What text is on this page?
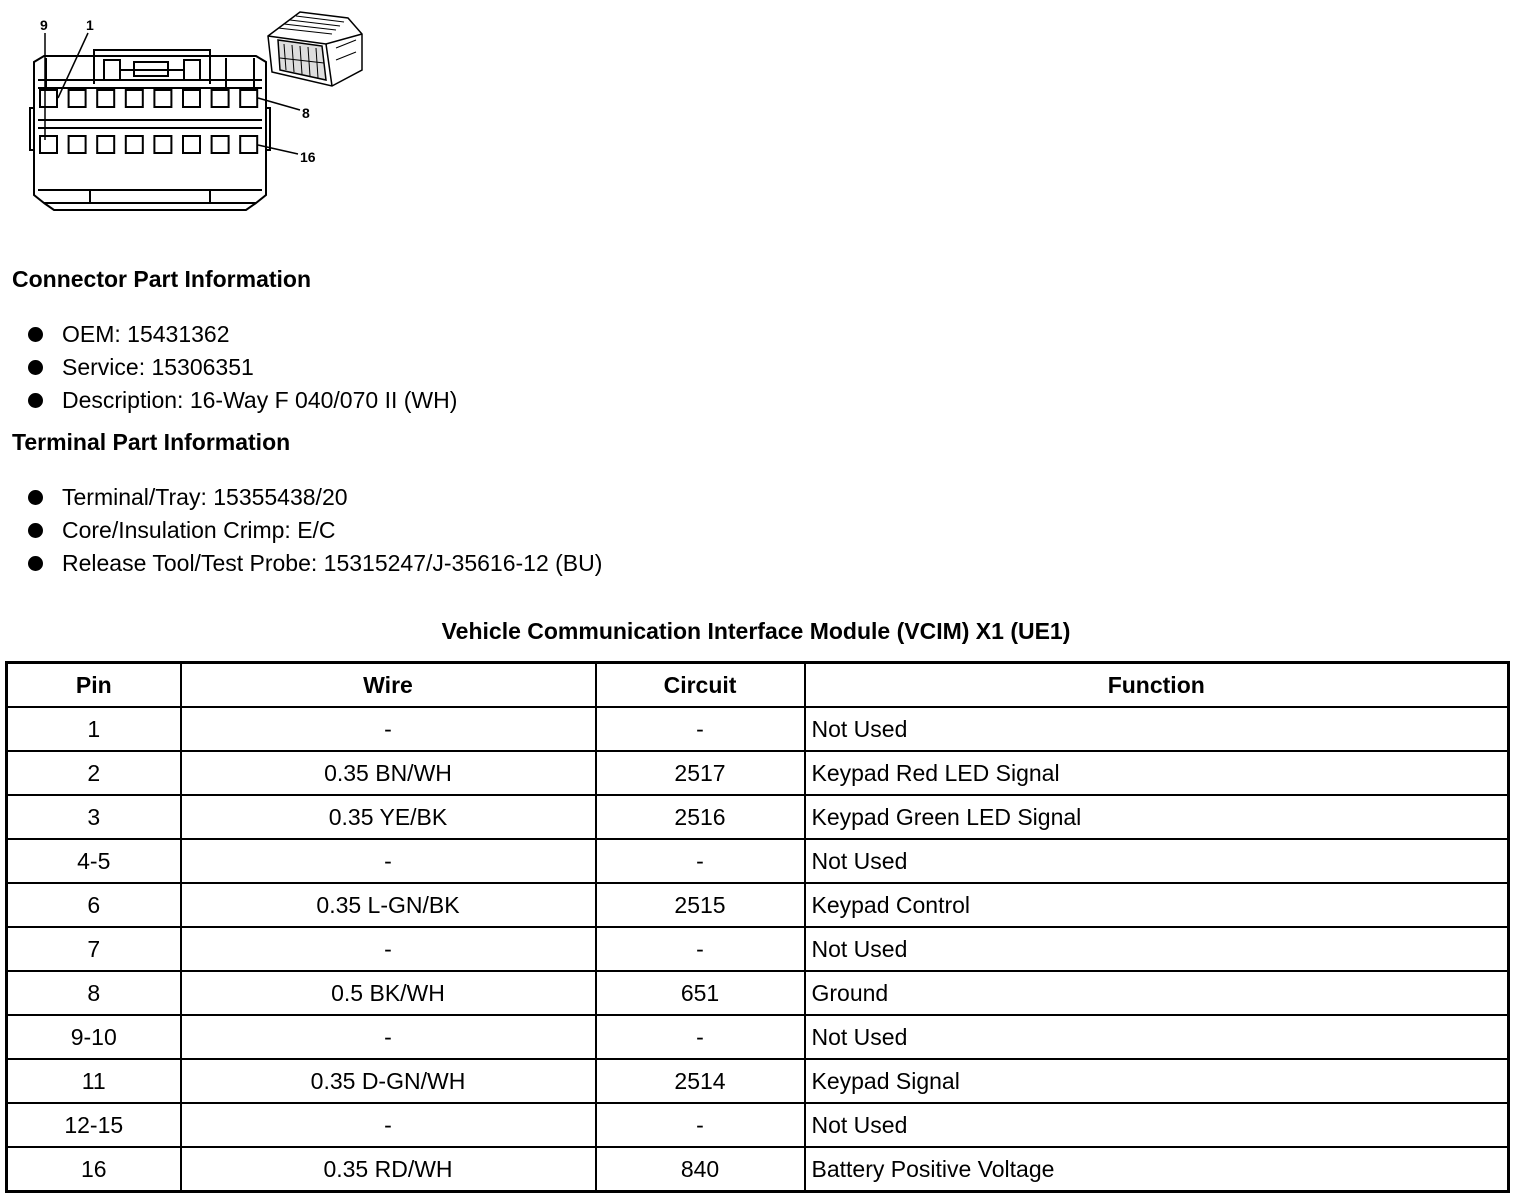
9	1
8
16
Connector Part Information
OEM: 15431362
Service: 15306351
Description: 16-Way F 040/070 II (WH)
Terminal Part Information
Terminal/Tray: 15355438/20
Core/Insulation Crimp: E/C
Release Tool/Test Probe: 15315247/J-35616-12 (BU)
Vehicle Communication Interface Module (VCIM) X1 (UE1)
Pin	Wire	Circuit	Function
1	-	-	Not Used
2	0.35 BN/WH	2517	Keypad Red LED Signal
3	0.35 YE/BK	2516	Keypad Green LED Signal
4-5	-	-	Not Used
6	0.35 L-GN/BK	2515	Keypad Control
7	-	-	Not Used
8	0.5 BK/WH	651	Ground
9-10	-	-	Not Used
11	0.35 D-GN/WH	2514	Keypad Signal
12-15	-	-	Not Used
16	0.35 RD/WH	840	Battery Positive Voltage
